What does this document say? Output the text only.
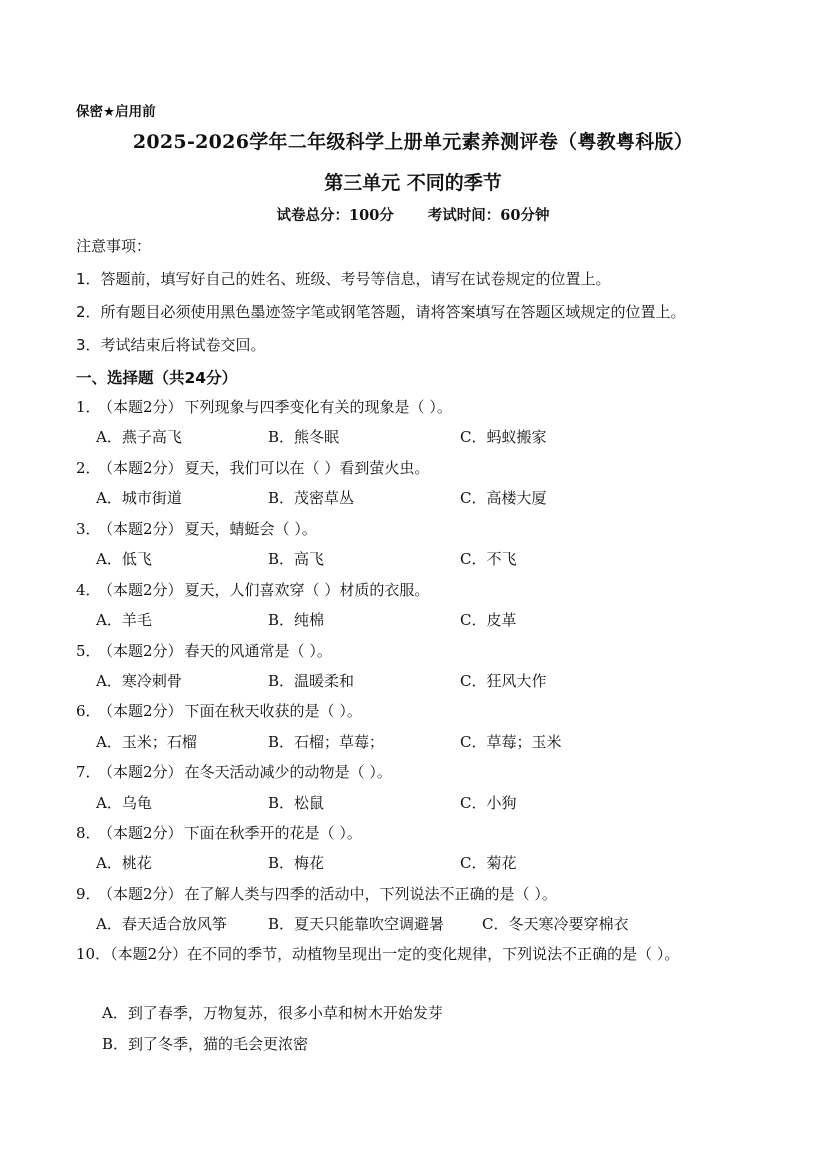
保密★启用前
2025-2026学年二年级科学上册单元素养测评卷（粤教粤科版）
第三单元 不同的季节
试卷总分：100分 考试时间：60分钟
注意事项：
1．答题前，填写好自己的姓名、班级、考号等信息，请写在试卷规定的位置上。
2．所有题目必须使用黑色墨迹签字笔或钢笔答题，请将答案填写在答题区域规定的位置上。
3．考试结束后将试卷交回。
一、选择题（共24分）
1．（本题2分） 下列现象与四季变化有关的现象是（ ）。
A．燕子高飞	B．熊冬眠	C．蚂蚁搬家
2．（本题2分） 夏天，我们可以在（ ）看到萤火虫。
A．城市街道	B．茂密草丛	C．高楼大厦
3．（本题2分） 夏天，蜻蜓会（ ）。
A．低飞	B．高飞	C．不飞
4．（本题2分） 夏天，人们喜欢穿（ ）材质的衣服。
A．羊毛	B．纯棉	C．皮革
5．（本题2分） 春天的风通常是（ ）。
A．寒冷刺骨	B．温暖柔和	C．狂风大作
6．（本题2分） 下面在秋天收获的是（ ）。
A．玉米；石榴	B．石榴；草莓；	C．草莓；玉米
7．（本题2分） 在冬天活动减少的动物是（ ）。
A．乌龟	B．松鼠	C．小狗
8．（本题2分） 下面在秋季开的花是（ ）。
A．桃花	B．梅花	C．菊花
9．（本题2分） 在了解人类与四季的活动中，下列说法不正确的是（ ）。
A．春天适合放风筝	B．夏天只能靠吹空调避暑	C．冬天寒冷要穿棉衣
10．（本题2分）在不同的季节，动植物呈现出一定的变化规律，下列说法不正确的是（ ）。
A．到了春季，万物复苏，很多小草和树木开始发芽
B．到了冬季，猫的毛会更浓密
